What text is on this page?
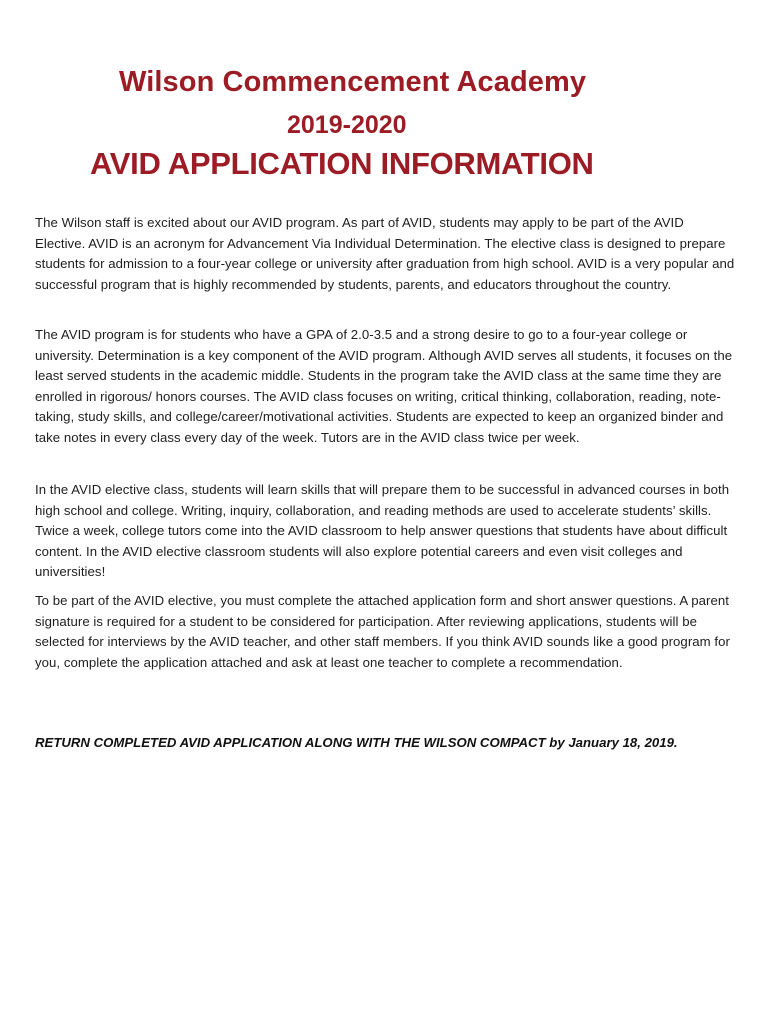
Wilson Commencement Academy
2019-2020
AVID APPLICATION INFORMATION

The Wilson staff is excited about our AVID program. As part of AVID, students may apply to be part of the AVID Elective. AVID is an acronym for Advancement Via Individual Determination. The elective class is designed to prepare students for admission to a four-year college or university after graduation from high school. AVID is a very popular and successful program that is highly recommended by students, parents, and educators throughout the country.

The AVID program is for students who have a GPA of 2.0-3.5 and a strong desire to go to a four-year college or university. Determination is a key component of the AVID program. Although AVID serves all students, it focuses on the least served students in the academic middle. Students in the program take the AVID class at the same time they are enrolled in rigorous/ honors courses. The AVID class focuses on writing, critical thinking, collaboration, reading, note-taking, study skills, and college/career/motivational activities. Students are expected to keep an organized binder and take notes in every class every day of the week. Tutors are in the AVID class twice per week.

In the AVID elective class, students will learn skills that will prepare them to be successful in advanced courses in both high school and college. Writing, inquiry, collaboration, and reading methods are used to accelerate students’ skills. Twice a week, college tutors come into the AVID classroom to help answer questions that students have about difficult content. In the AVID elective classroom students will also explore potential careers and even visit colleges and universities!

To be part of the AVID elective, you must complete the attached application form and short answer questions. A parent signature is required for a student to be considered for participation. After reviewing applications, students will be selected for interviews by the AVID teacher, and other staff members. If you think AVID sounds like a good program for you, complete the application attached and ask at least one teacher to complete a recommendation.

RETURN COMPLETED AVID APPLICATION ALONG WITH THE WILSON COMPACT by January 18, 2019.
